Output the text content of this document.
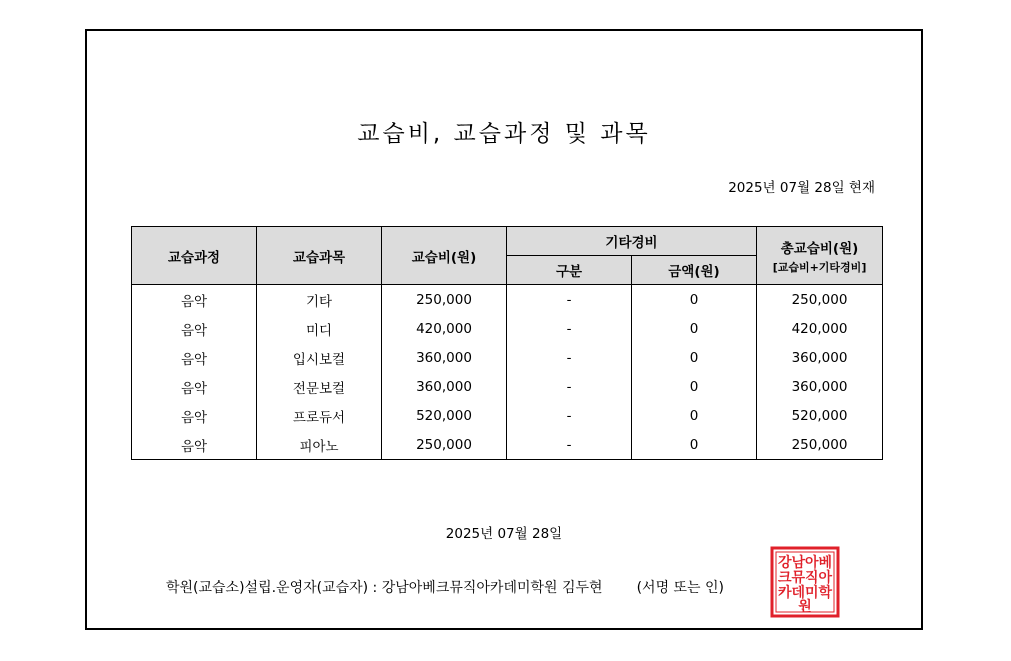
교습비, 교습과정 및 과목
2025년 07월 28일 현재
교습과정	교습과목	교습비(원)	기타경비		총교습비(원)
[교습비+기타경비]

			구분	금액(원)	
음악	기타	250,000	-	0	250,000
음악	미디	420,000	-	0	420,000
음악	입시보컬	360,000	-	0	360,000
음악	전문보컬	360,000	-	0	360,000
음악	프로듀서	520,000	-	0	520,000
음악	피아노	250,000	-	0	250,000
2025년 07월 28일
학원(교습소)설립.운영자(교습자) : 강남아베크뮤직아카데미학원 김두현 (서명 또는 인)
강남아베
크뮤직아
카데미학
원
